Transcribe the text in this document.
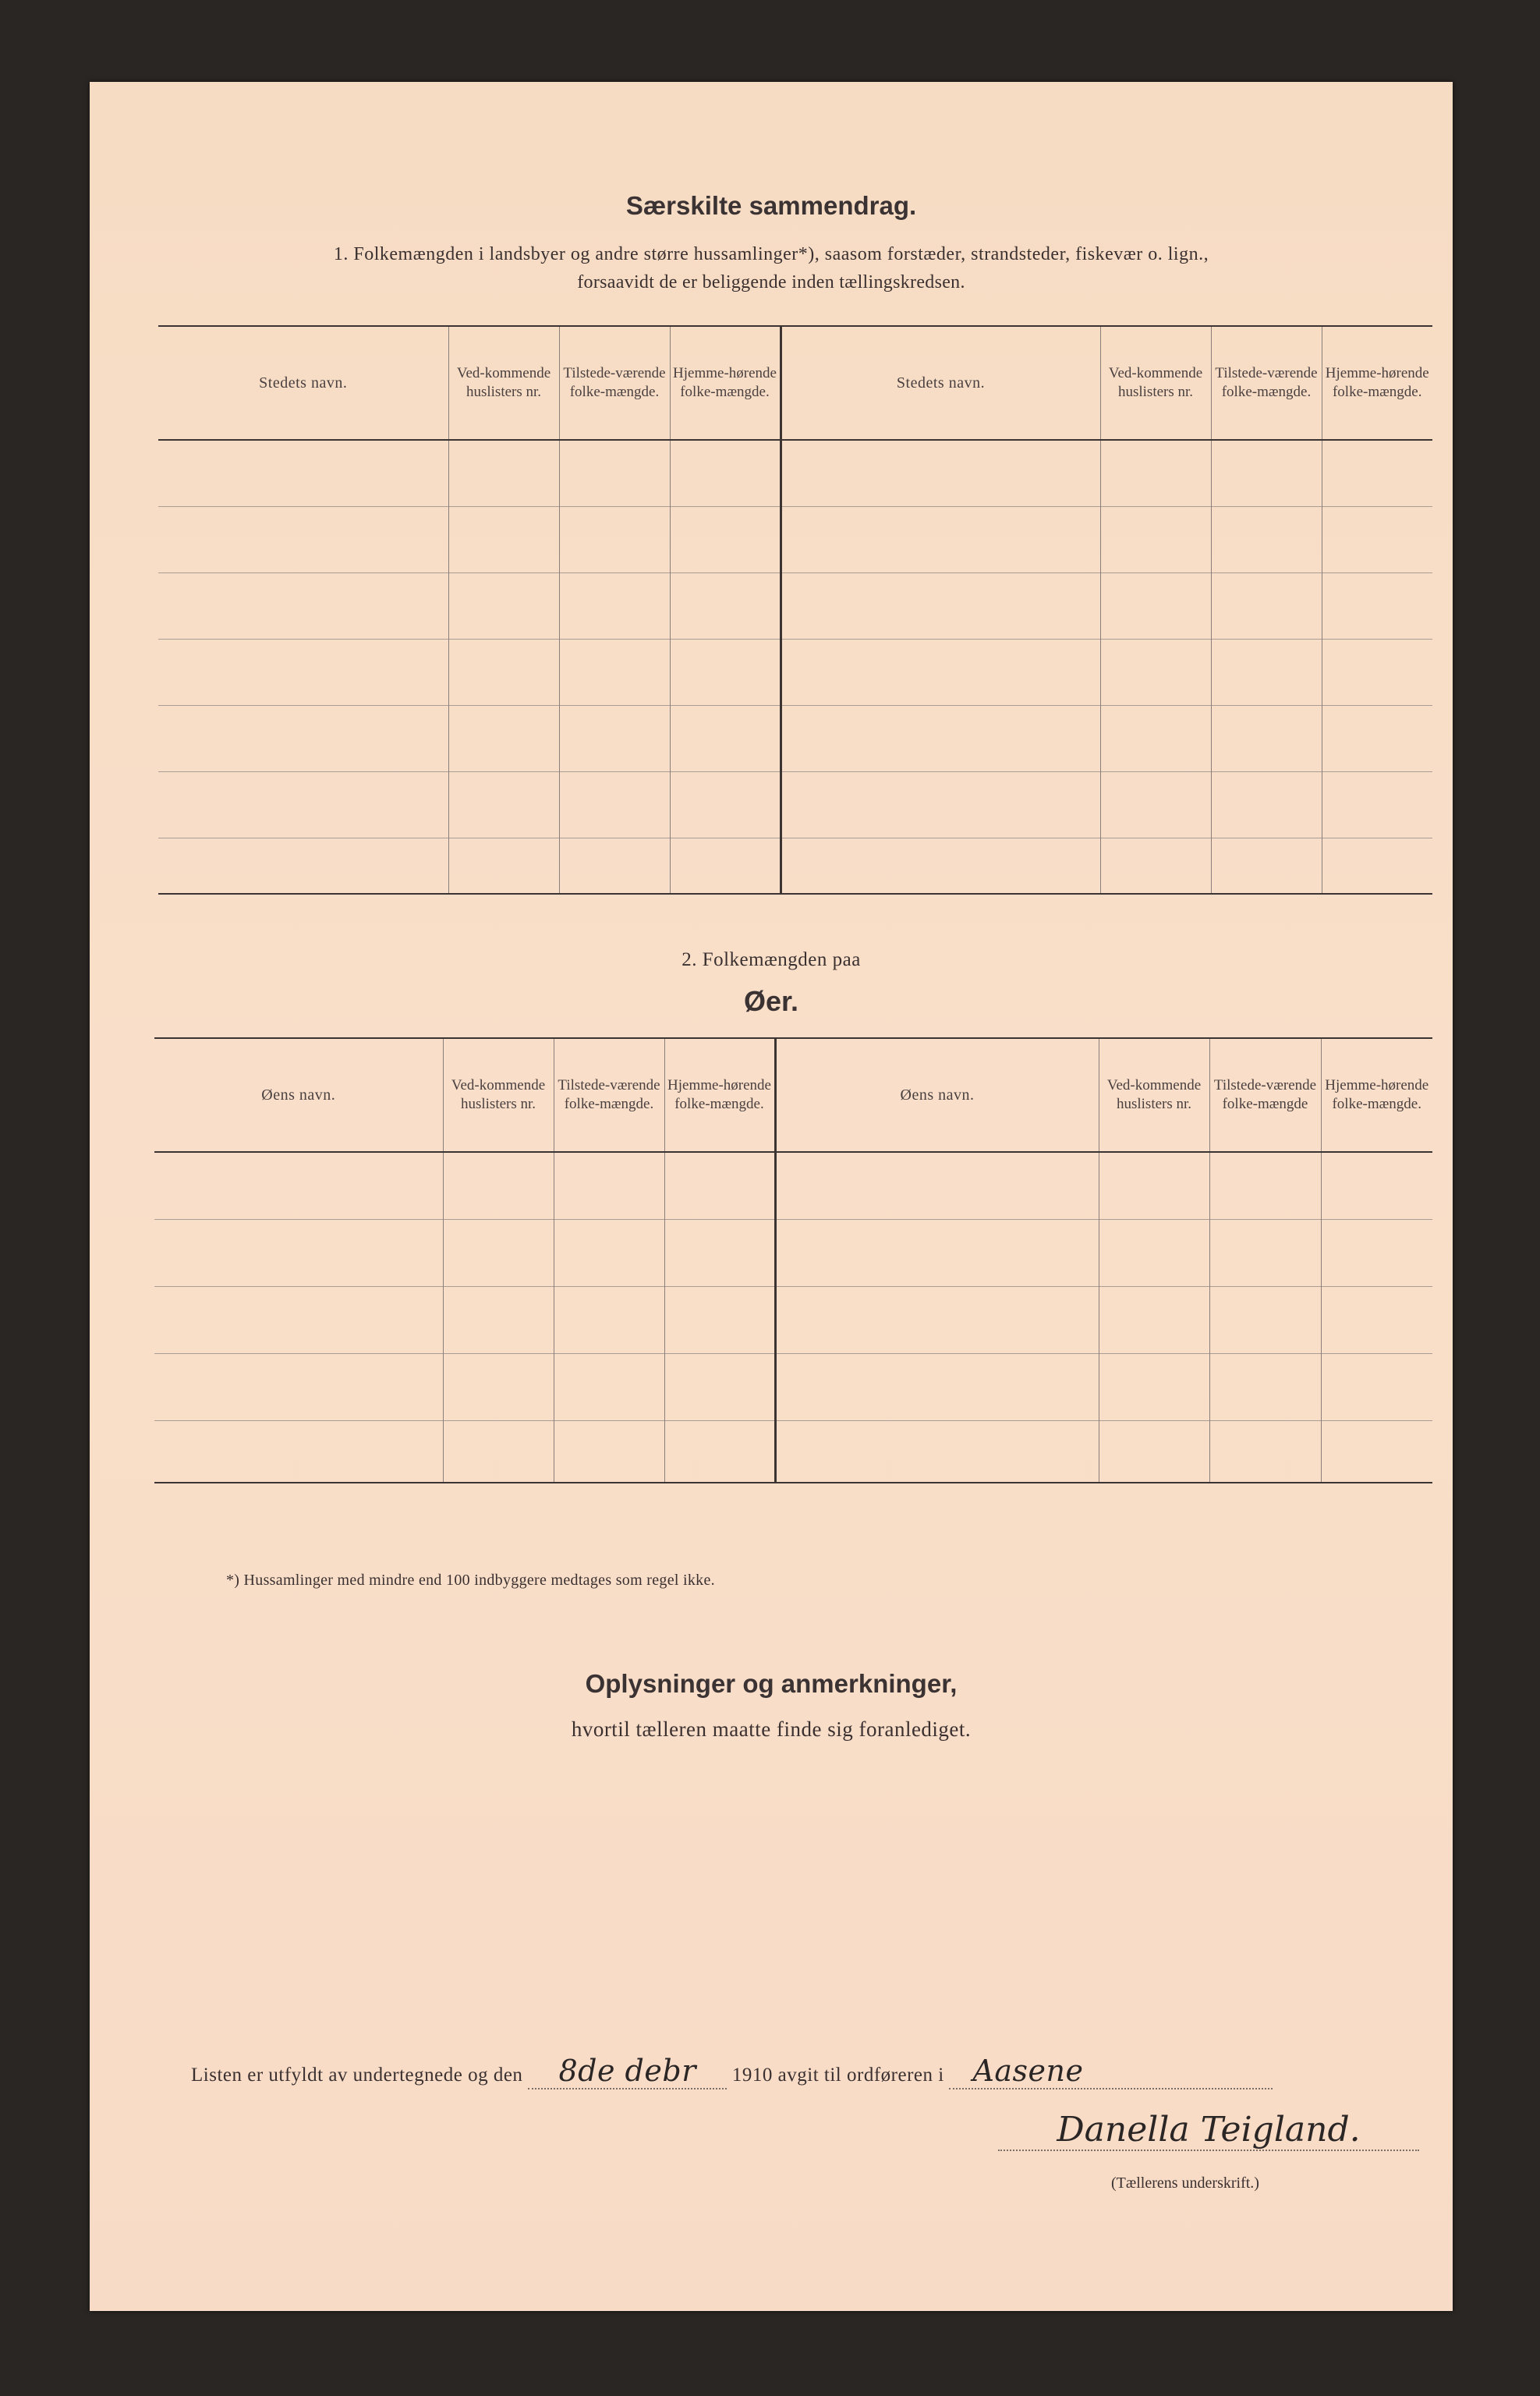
Særskilte sammendrag.
1. Folkemængden i landsbyer og andre større hussamlinger*), saasom forstæder, strandsteder, fiskevær o. lign.,
forsaavidt de er beliggende inden tællingskredsen.
Stedets navn.	Ved-kommende huslisters nr.	Tilstede-værende folke-mængde.	Hjemme-hørende folke-mængde.	Stedets navn.	Ved-kommende huslisters nr.	Tilstede-værende folke-mængde.	Hjemme-hørende folke-mængde.

2. Folkemængden paa
Øer.
Øens navn.	Ved-kommende huslisters nr.	Tilstede-værende folke-mængde.	Hjemme-hørende folke-mængde.	Øens navn.	Ved-kommende huslisters nr.	Tilstede-værende folke-mængde	Hjemme-hørende folke-mængde.

*) Hussamlinger med mindre end 100 indbyggere medtages som regel ikke.
Oplysninger og anmerkninger,
hvortil tælleren maatte finde sig foranlediget.
Listen er utfyldt av undertegnede og den 8de debr 1910 avgit til ordføreren i Aasene
Danella Teigland.
(Tællerens underskrift.)
